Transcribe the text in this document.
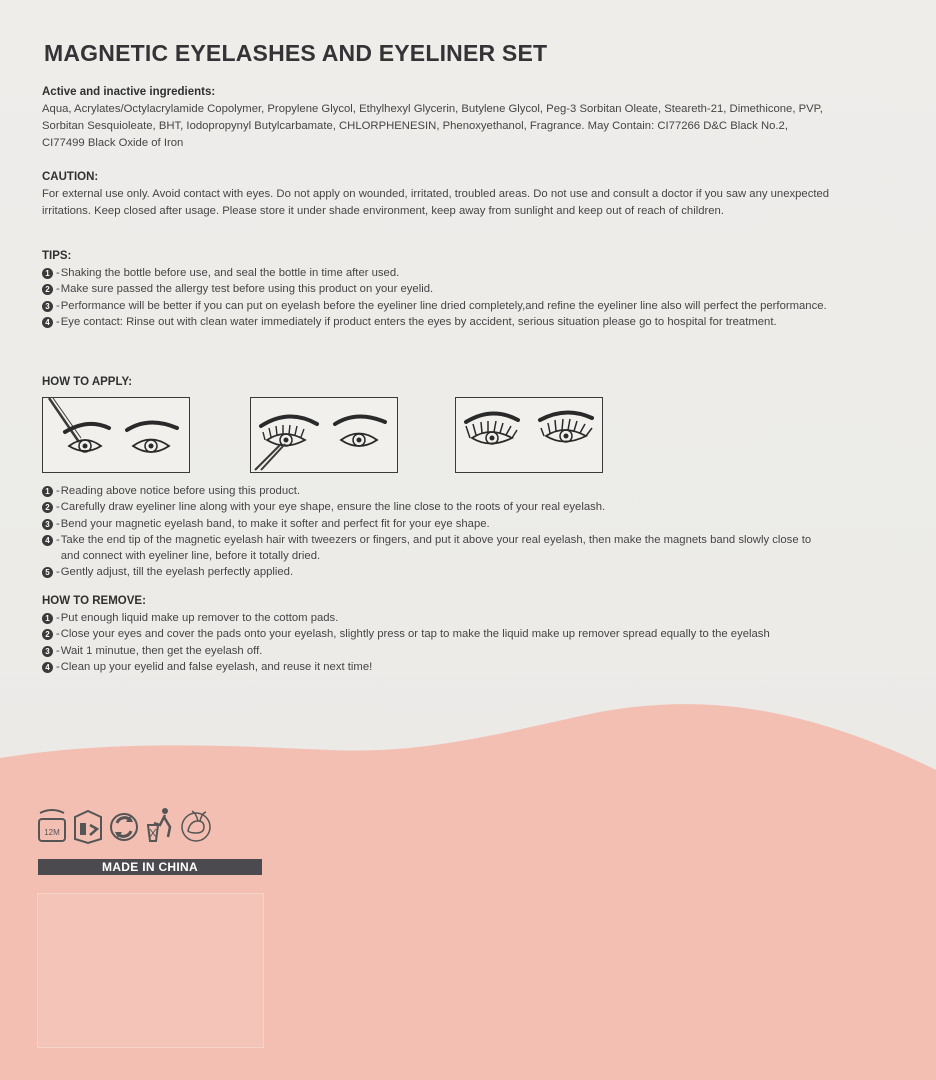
MAGNETIC EYELASHES AND EYELINER SET

Active and inactive ingredients:

Aqua, Acrylates/Octylacrylamide Copolymer, Propylene Glycol, Ethylhexyl Glycerin, Butylene Glycol, Peg-3 Sorbitan Oleate, Steareth-21, Dimethicone, PVP, Sorbitan Sesquioleate, BHT, Iodopropynyl Butylcarbamate, CHLORPHENESIN, Phenoxyethanol, Fragrance. May Contain: CI77266 D&C Black No.2, CI77499 Black Oxide of Iron

CAUTION:

For external use only. Avoid contact with eyes. Do not apply on wounded, irritated, troubled areas. Do not use and consult a doctor if you saw any unexpected irritations. Keep closed after usage. Please store it under shade environment, keep away from sunlight and keep out of reach of children.

TIPS:

1 - Shaking the bottle before use, and seal the bottle in time after used.
2 - Make sure passed the allergy test before using this product on your eyelid.
3 - Performance will be better if you can put on eyelash before the eyeliner line dried completely,and refine the eyeliner line also will perfect the performance.
4 - Eye contact: Rinse out with clean water immediately if product enters the eyes by accident, serious situation please go to hospital for treatment.

HOW TO APPLY:

1 - Reading above notice before using this product.
2 - Carefully draw eyeliner line along with your eye shape, ensure the line close to the roots of your real eyelash.
3 - Bend your magnetic eyelash band, to make it softer and perfect fit for your eye shape.
4 - Take the end tip of the magnetic eyelash hair with tweezers or fingers, and put it above your real eyelash, then make the magnets band slowly close to and connect with eyeliner line, before it totally dried.
5 - Gently adjust, till the eyelash perfectly applied.

HOW TO REMOVE:

1 - Put enough liquid make up remover to the cottom pads.
2 - Close your eyes and cover the pads onto your eyelash, slightly press or tap to make the liquid make up remover spread equally to the eyelash
3 - Wait 1 minutue, then get the eyelash off.
4 - Clean up your eyelid and false eyelash, and reuse it next time!
12M
MADE IN CHINA
